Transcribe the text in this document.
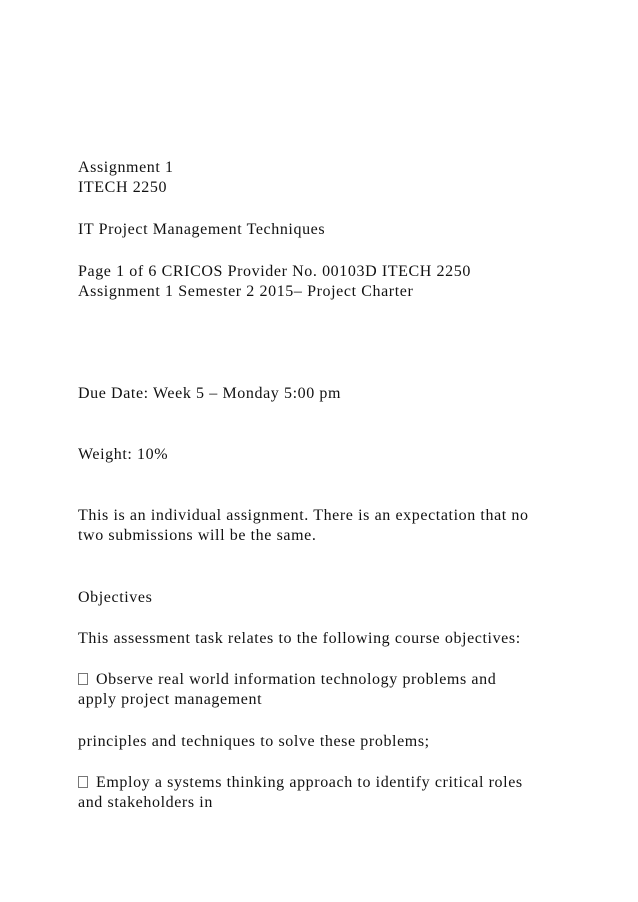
Assignment 1

ITECH 2250

IT Project Management Techniques

Page 1 of 6 CRICOS Provider No. 00103D ITECH 2250

Assignment 1 Semester 2 2015– Project Charter

Due Date: Week 5 – Monday 5:00 pm

Weight: 10%

This is an individual assignment. There is an expectation that no

two submissions will be the same.

Objectives

This assessment task relates to the following course objectives:

Observe real world information technology problems and

apply project management

principles and techniques to solve these problems;

Employ a systems thinking approach to identify critical roles

and stakeholders in
